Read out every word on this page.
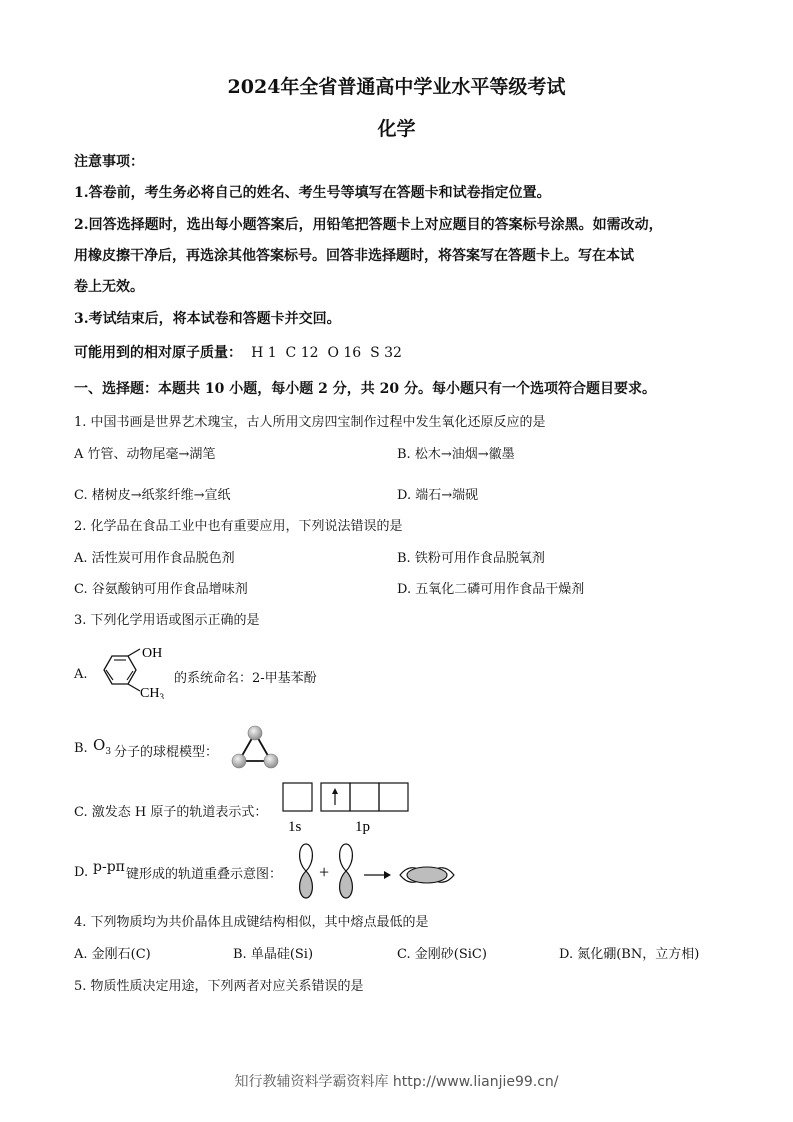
2024年全省普通高中学业水平等级考试
化学
注意事项：
1.答卷前，考生务必将自己的姓名、考生号等填写在答题卡和试卷指定位置。
2.回答选择题时，选出每小题答案后，用铅笔把答题卡上对应题目的答案标号涂黑。如需改动，
用橡皮擦干净后，再选涂其他答案标号。回答非选择题时，将答案写在答题卡上。写在本试
卷上无效。
3.考试结束后，将本试卷和答题卡并交回。
可能用到的相对原子质量： H 1  C 12  O 16  S 32
一、选择题：本题共 10 小题，每小题 2 分，共 20 分。每小题只有一个选项符合题目要求。
1. 中国书画是世界艺术瑰宝，古人所用文房四宝制作过程中发生氧化还原反应的是
A 竹管、动物尾毫→湖笔	B. 松木→油烟→徽墨
C. 楮树皮→纸浆纤维→宣纸	D. 端石→端砚
2. 化学品在食品工业中也有重要应用，下列说法错误的是
A. 活性炭可用作食品脱色剂	B. 铁粉可用作食品脱氧剂
C. 谷氨酸钠可用作食品增味剂	D. 五氧化二磷可用作食品干燥剂
3. 下列化学用语或图示正确的是
A.
OH
$CH_3$
的系统命名：2-甲基苯酚
B. $O_3$ 分子的球棍模型：
C. 激发态 H 原子的轨道表示式：
1s	1p
D. p-pπ 键形成的轨道重叠示意图： +
4. 下列物质均为共价晶体且成键结构相似，其中熔点最低的是
A. 金刚石(C)	B. 单晶硅(Si)	C. 金刚砂(SiC)	D. 氮化硼(BN，立方相)
5. 物质性质决定用途，下列两者对应关系错误的是
知行教辅资料学霸资料库 http://www.lianjie99.cn/
